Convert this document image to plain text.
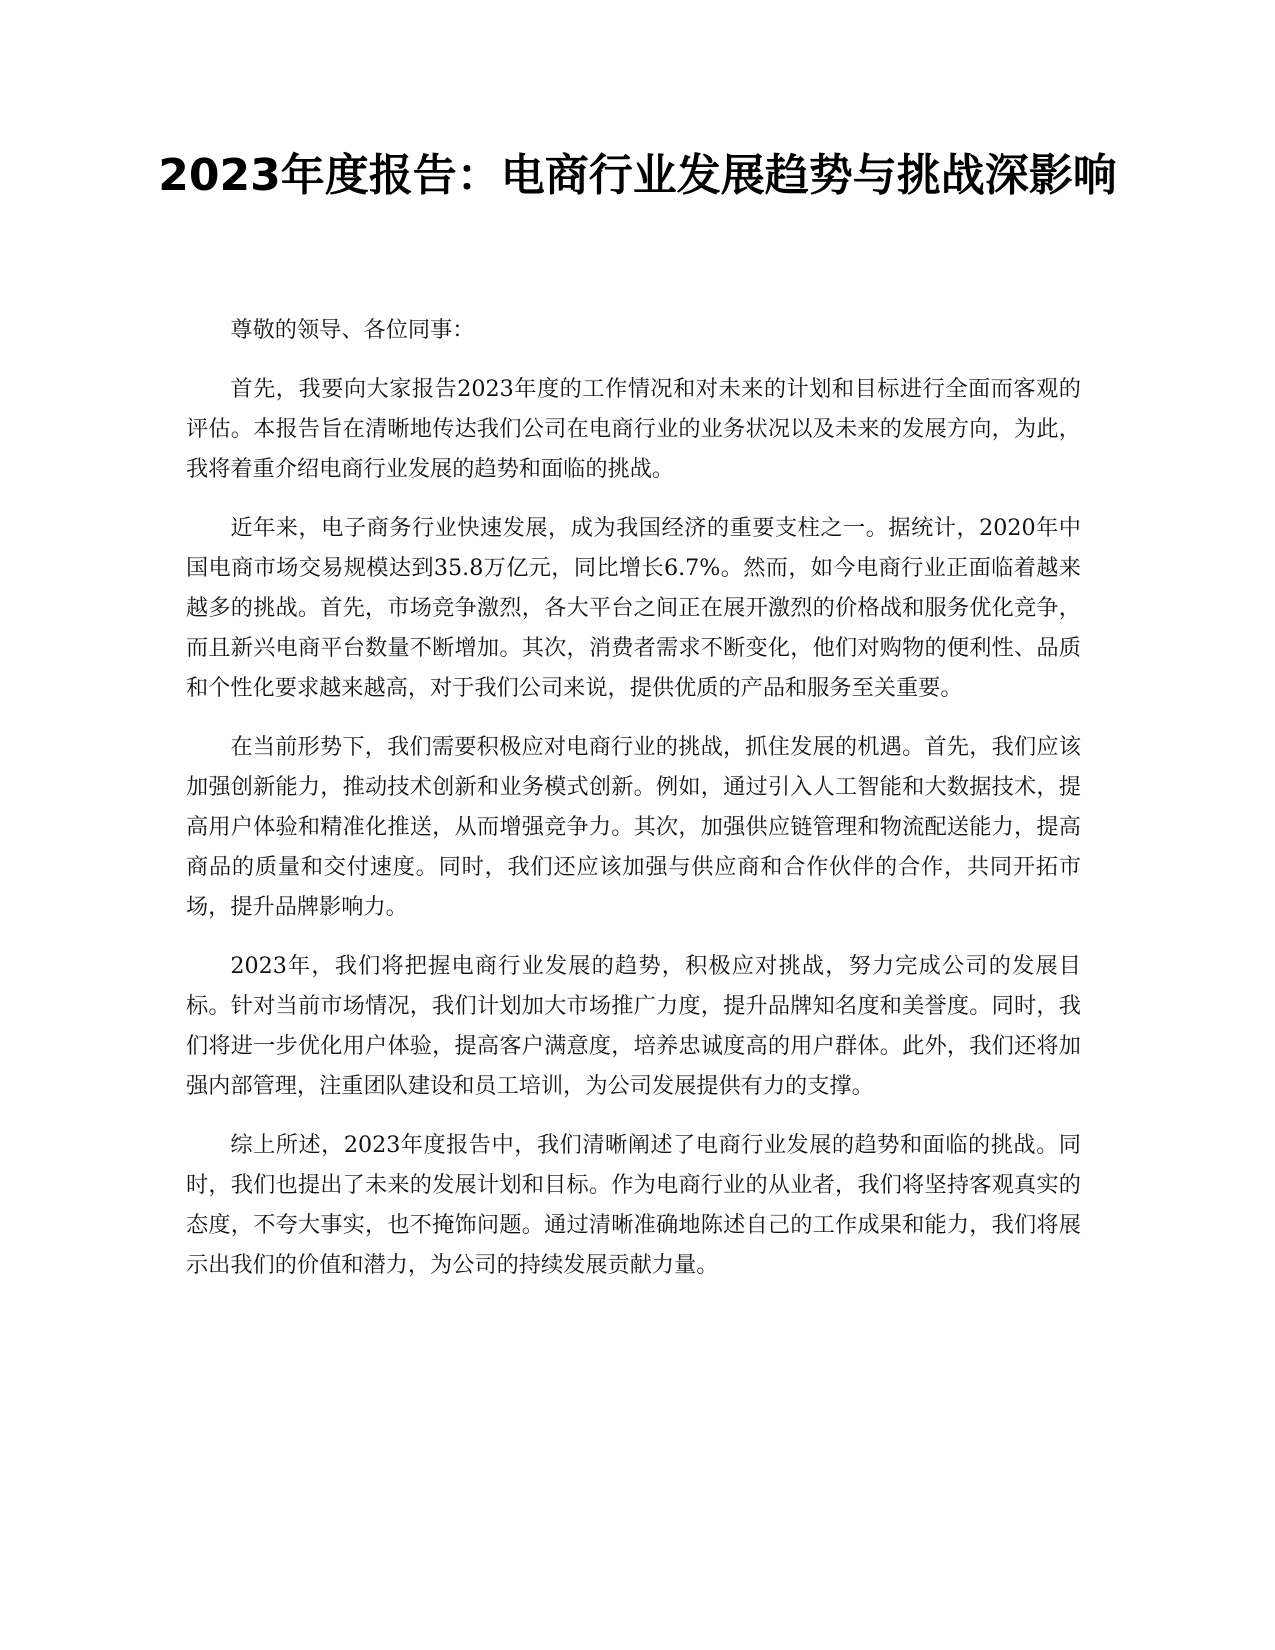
2023年度报告：电商行业发展趋势与挑战深影响

尊敬的领导、各位同事：

首先，我要向大家报告2023年度的工作情况和对未来的计划和目标进行全面而客观的评估。本报告旨在清晰地传达我们公司在电商行业的业务状况以及未来的发展方向，为此，我将着重介绍电商行业发展的趋势和面临的挑战。

近年来，电子商务行业快速发展，成为我国经济的重要支柱之一。据统计，2020年中国电商市场交易规模达到35.8万亿元，同比增长6.7%。然而，如今电商行业正面临着越来越多的挑战。首先，市场竞争激烈，各大平台之间正在展开激烈的价格战和服务优化竞争，而且新兴电商平台数量不断增加。其次，消费者需求不断变化，他们对购物的便利性、品质和个性化要求越来越高，对于我们公司来说，提供优质的产品和服务至关重要。

在当前形势下，我们需要积极应对电商行业的挑战，抓住发展的机遇。首先，我们应该加强创新能力，推动技术创新和业务模式创新。例如，通过引入人工智能和大数据技术，提高用户体验和精准化推送，从而增强竞争力。其次，加强供应链管理和物流配送能力，提高商品的质量和交付速度。同时，我们还应该加强与供应商和合作伙伴的合作，共同开拓市场，提升品牌影响力。

2023年，我们将把握电商行业发展的趋势，积极应对挑战，努力完成公司的发展目标。针对当前市场情况，我们计划加大市场推广力度，提升品牌知名度和美誉度。同时，我们将进一步优化用户体验，提高客户满意度，培养忠诚度高的用户群体。此外，我们还将加强内部管理，注重团队建设和员工培训，为公司发展提供有力的支撑。

综上所述，2023年度报告中，我们清晰阐述了电商行业发展的趋势和面临的挑战。同时，我们也提出了未来的发展计划和目标。作为电商行业的从业者，我们将坚持客观真实的态度，不夸大事实，也不掩饰问题。通过清晰准确地陈述自己的工作成果和能力，我们将展示出我们的价值和潜力，为公司的持续发展贡献力量。
